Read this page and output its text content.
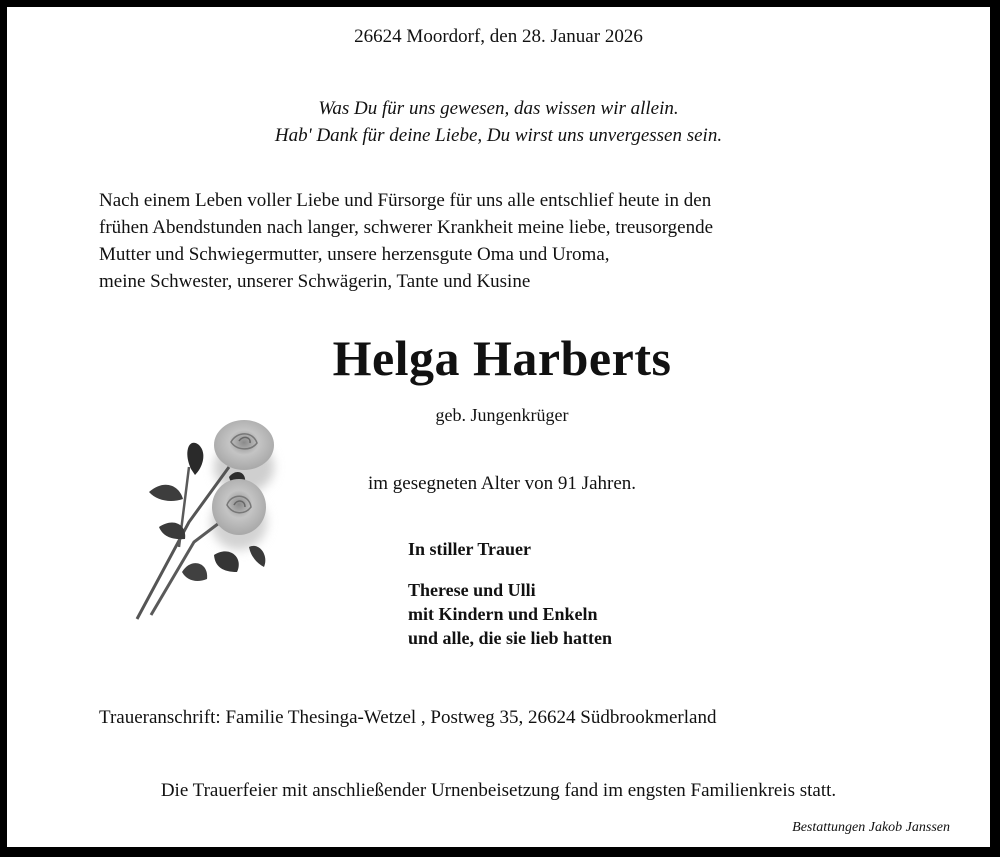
26624 Moordorf, den 28. Januar 2026
Was Du für uns gewesen, das wissen wir allein.
Hab' Dank für deine Liebe, Du wirst uns unvergessen sein.
Nach einem Leben voller Liebe und Fürsorge für uns alle entschlief heute in den
frühen Abendstunden nach langer, schwerer Krankheit meine liebe, treusorgende
Mutter und Schwiegermutter, unsere herzensgute Oma und Uroma,
meine Schwester, unserer Schwägerin, Tante und Kusine
Helga Harberts
geb. Jungenkrüger
im gesegneten Alter von 91 Jahren.
In stiller Trauer
Therese und Ulli
mit Kindern und Enkeln
und alle, die sie lieb hatten
Traueranschrift: Familie Thesinga-Wetzel , Postweg 35, 26624 Südbrookmerland
Die Trauerfeier mit anschließender Urnenbeisetzung fand im engsten Familienkreis statt.
Bestattungen Jakob Janssen
